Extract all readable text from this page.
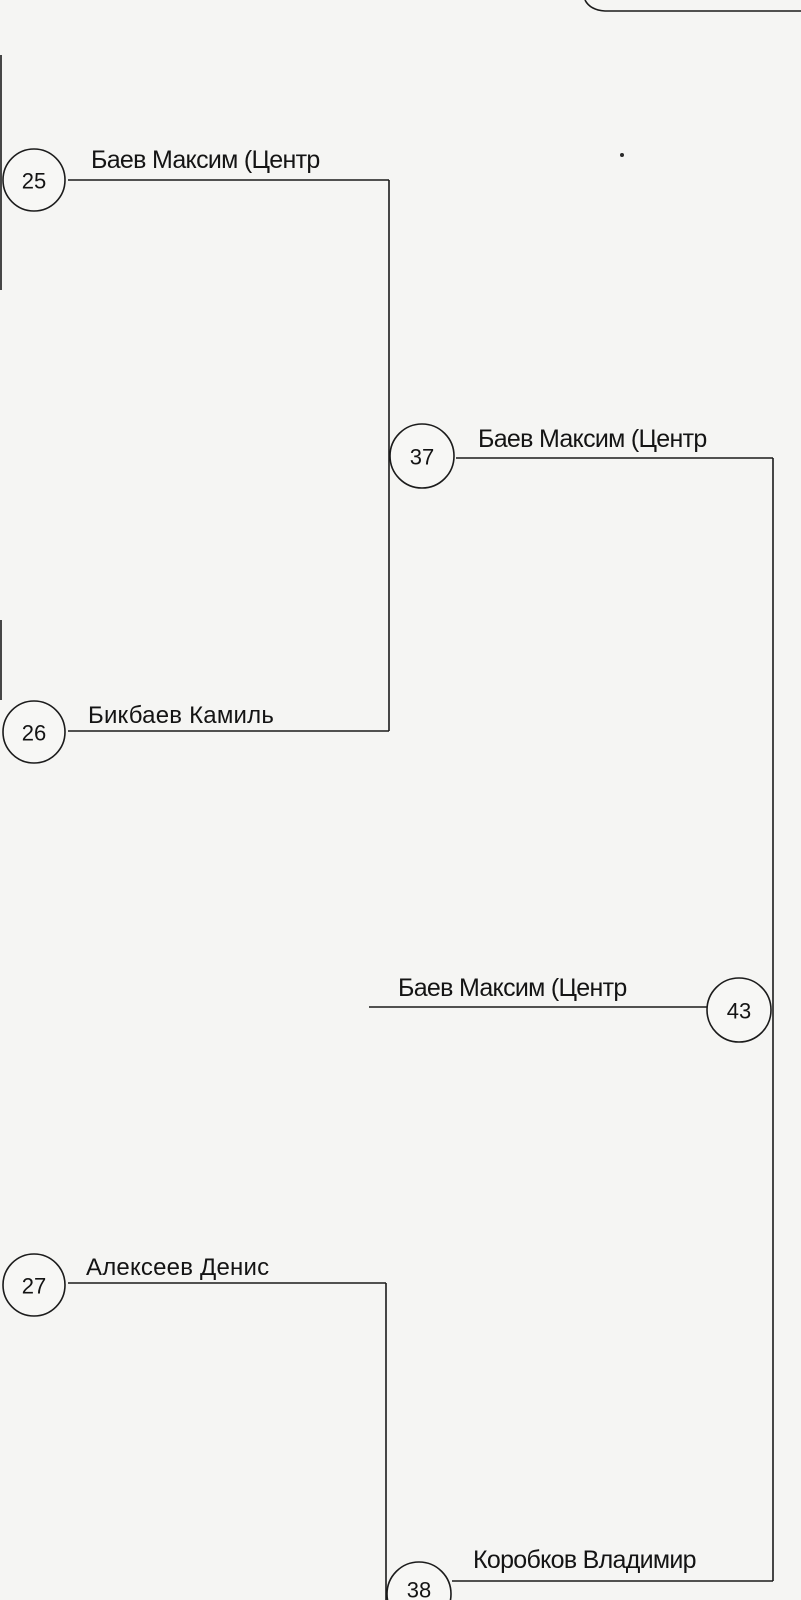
25
Баев Максим (Центр
26
Бикбаев Камиль
37
Баев Максим (Центр
27
Алексеев Денис
38
Коробков Владимир
43
Баев Максим (Центр
